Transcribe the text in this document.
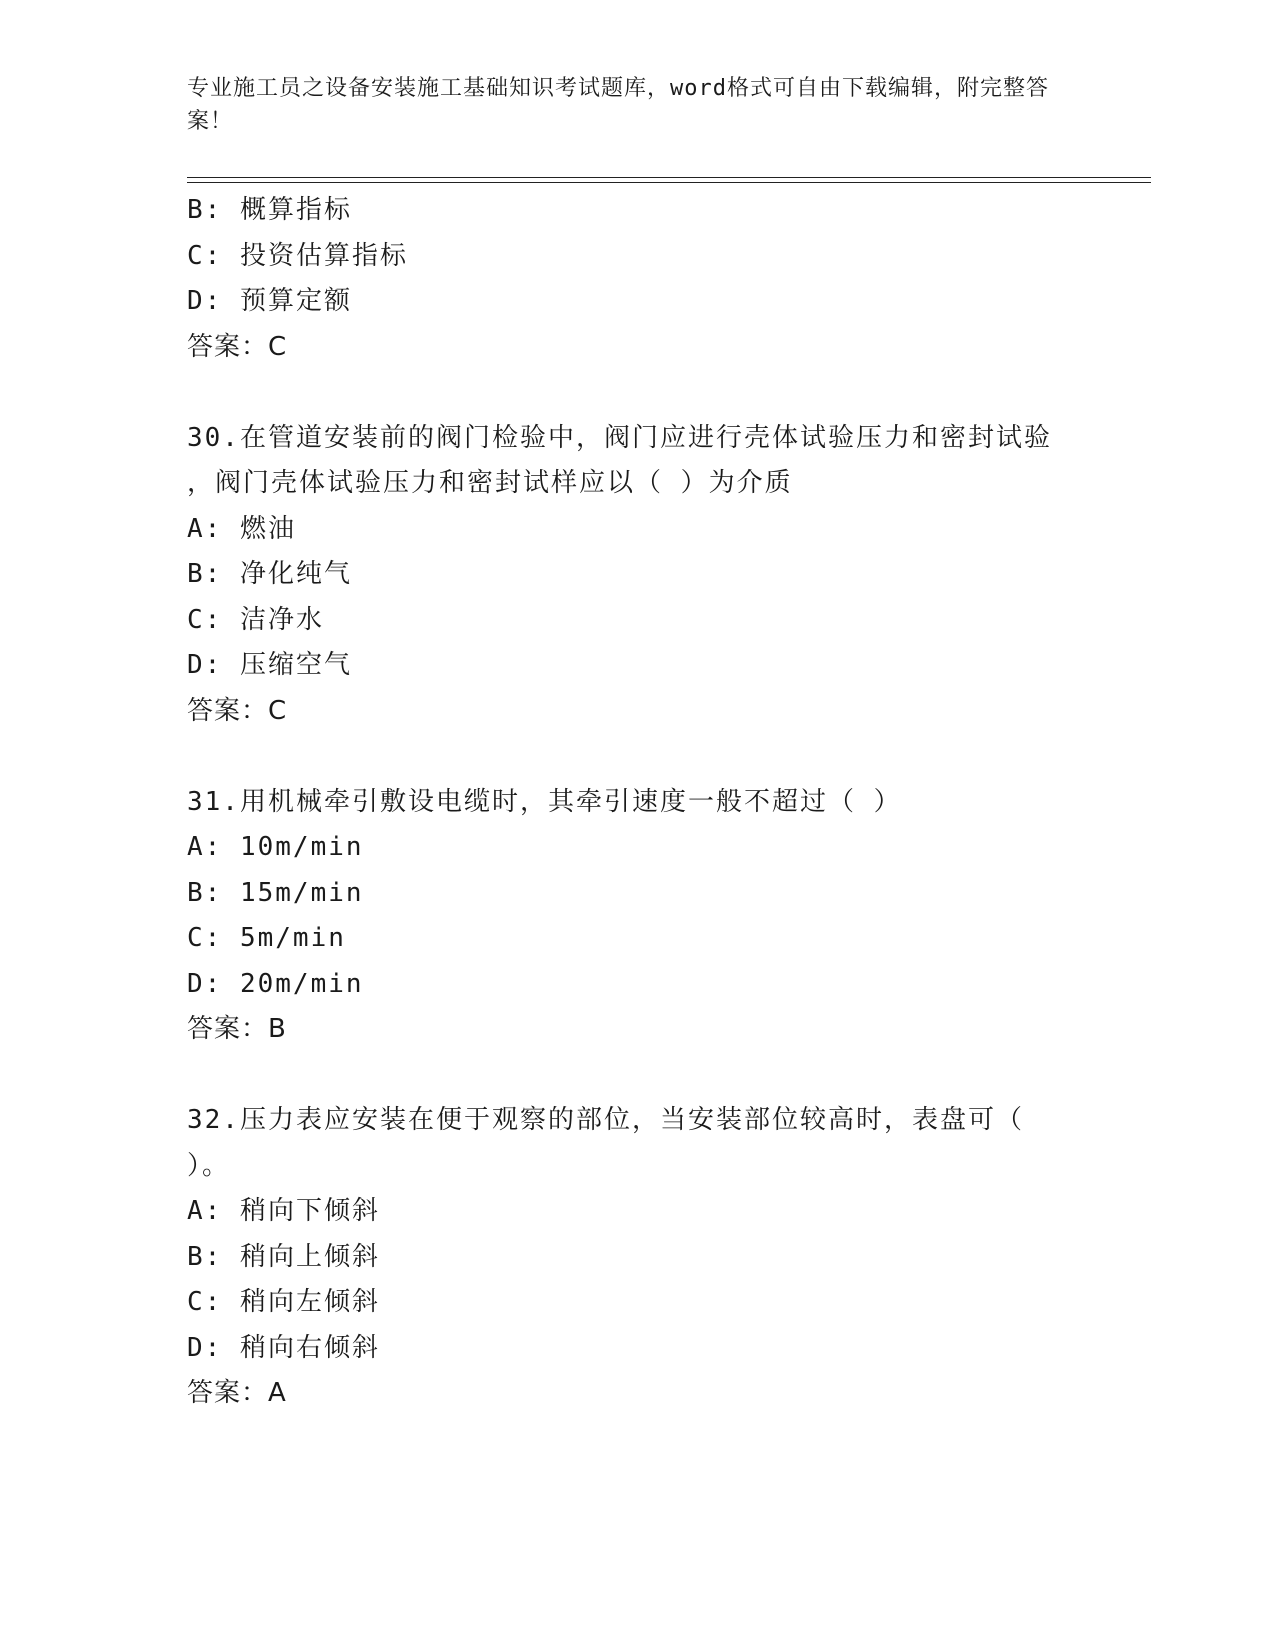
专业施工员之设备安装施工基础知识考试题库，word格式可自由下载编辑，附完整答案！
B: 概算指标
C: 投资估算指标
D: 预算定额
答案：C
30.在管道安装前的阀门检验中，阀门应进行壳体试验压力和密封试验
，阀门壳体试验压力和密封试样应以（ ）为介质
A: 燃油
B: 净化纯气
C: 洁净水
D: 压缩空气
答案：C
31.用机械牵引敷设电缆时，其牵引速度一般不超过（ ）
A: 10m/min
B: 15m/min
C: 5m/min
D: 20m/min
答案：B
32.压力表应安装在便于观察的部位，当安装部位较高时，表盘可（
）。
A: 稍向下倾斜
B: 稍向上倾斜
C: 稍向左倾斜
D: 稍向右倾斜
答案：A
